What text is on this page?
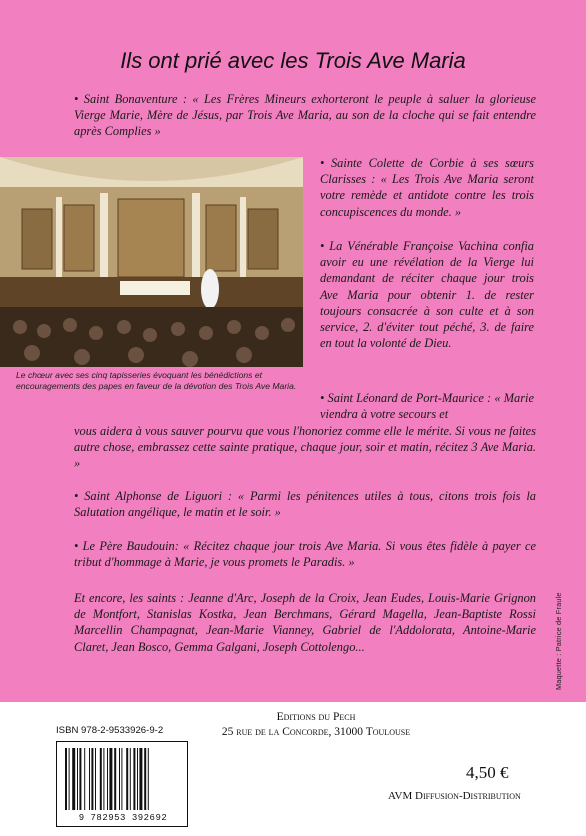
Ils ont prié avec les Trois Ave Maria

• Saint Bonaventure : « Les Frères Mineurs exhorteront le peuple à saluer la glorieuse Vierge Marie, Mère de Jésus, par Trois Ave Maria, au son de la cloche qui se fait entendre après Complies »

Le chœur avec ses cinq tapisseries évoquant les bénédictions et encouragements des papes en faveur de la dévotion des Trois Ave Maria.

• Sainte Colette de Corbie à ses sœurs Clarisses : « Les Trois Ave Maria seront votre remède et antidote contre les trois concupiscences du monde. »

• La Vénérable Françoise Vachina confia avoir eu une révélation de la Vierge lui demandant de réciter chaque jour trois Ave Maria pour obtenir 1. de rester toujours consacrée à son culte et à son service, 2. d'éviter tout péché, 3. de faire en tout la volonté de Dieu.

• Saint Léonard de Port-Maurice : « Marie viendra à votre secours et

vous aidera à vous sauver pourvu que vous l'honoriez comme elle le mérite. Si vous ne faites autre chose, embrassez cette sainte pratique, chaque jour, soir et matin, récitez 3 Ave Maria. »

• Saint Alphonse de Liguori : « Parmi les pénitences utiles à tous, citons trois fois la Salutation angélique, le matin et le soir. »

• Le Père Baudouin: « Récitez chaque jour trois Ave Maria. Si vous êtes fidèle à payer ce tribut d'hommage à Marie, je vous promets le Paradis. »

Et encore, les saints : Jeanne d'Arc, Joseph de la Croix, Jean Eudes, Louis-Marie Grignon de Montfort, Stanislas Kostka, Jean Berchmans, Gérard Magella, Jean-Baptiste Rossi Marcellin Champagnat, Jean-Marie Vianney, Gabriel de l'Addolorata, Antoine-Marie Claret, Jean Bosco, Gemma Galgani, Joseph Cottolengo...	Maquette : Patrice de Fraule
ISBN 978-2-9533926-9-2
Editions du Pech
25 rue de la Concorde, 31000 Toulouse
9 782953 392692
4,50 €
AVM Diffusion-Distribution
